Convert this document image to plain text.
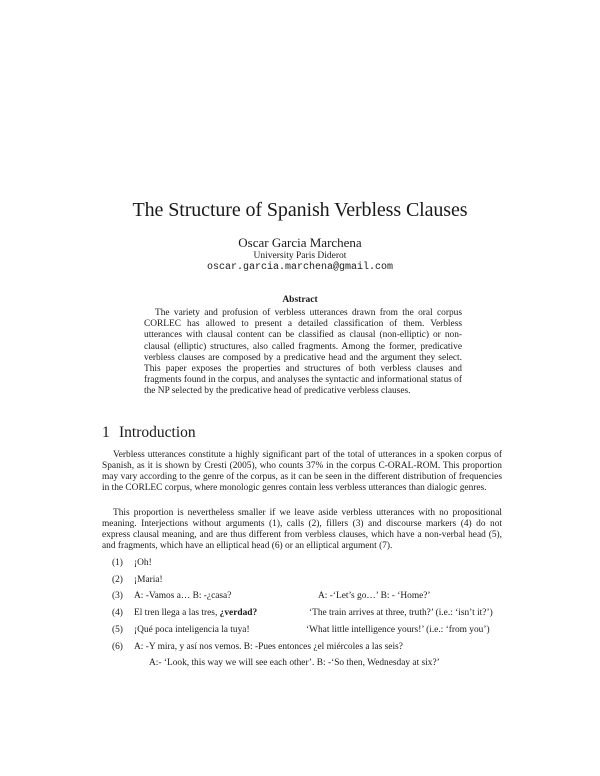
The Structure of Spanish Verbless Clauses
Oscar Garcia Marchena
University Paris Diderot
oscar.garcia.marchena@gmail.com
Abstract

The variety and profusion of verbless utterances drawn from the oral corpus CORLEC has allowed to present a detailed classification of them. Verbless utterances with clausal content can be classified as clausal (non-elliptic) or non-clausal (elliptic) structures, also called fragments. Among the former, predicative verbless clauses are composed by a predicative head and the argument they select. This paper exposes the properties and structures of both verbless clauses and fragments found in the corpus, and analyses the syntactic and informational status of the NP selected by the predicative head of predicative verbless clauses.

1 Introduction

Verbless utterances constitute a highly significant part of the total of utterances in a spoken corpus of Spanish, as it is shown by Cresti (2005), who counts 37% in the corpus C-ORAL-ROM. This proportion may vary according to the genre of the corpus, as it can be seen in the different distribution of frequencies in the CORLEC corpus, where monologic genres contain less verbless utterances than dialogic genres.

This proportion is nevertheless smaller if we leave aside verbless utterances with no propositional meaning. Interjections without arguments (1), calls (2), fillers (3) and discourse markers (4) do not express clausal meaning, and are thus different from verbless clauses, which have a non-verbal head (5), and fragments, which have an elliptical head (6) or an elliptical argument (7).

(1) ¡Oh!
(2) ¡Maria!
(3) A: -Vamos a… B: -¿casa?	A: -‘Let’s go…’ B: - ‘Home?’
(4) El tren llega a las tres, ¿verdad?	‘The train arrives at three, truth?’ (i.e.: ‘isn’t it?’)
(5) ¡Qué poca inteligencia la tuya!	‘What little intelligence yours!’ (i.e.: ‘from you’)
(6) A: -Y mira, y así nos vemos. B: -Pues entonces ¿el miércoles a las seis?
A:- ‘Look, this way we will see each other’. B: -‘So then, Wednesday at six?’
